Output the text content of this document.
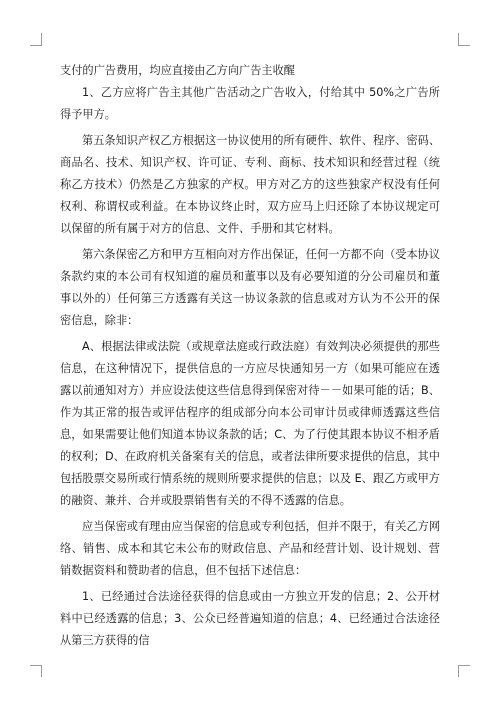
支付的广告费用，均应直接由乙方向广告主收醒

1、乙方应将广告主其他广告活动之广告收入，付给其中 50%之广告所得予甲方。

第五条知识产权乙方根据这一协议使用的所有硬件、软件、程序、密码、商品名、技术、知识产权、许可证、专利、商标、技术知识和经营过程（统称乙方技术）仍然是乙方独家的产权。甲方对乙方的这些独家产权没有任何权利、称谓权或利益。在本协议终止时，双方应马上归还除了本协议规定可以保留的所有属于对方的信息、文件、手册和其它材料。

第六条保密乙方和甲方互相向对方作出保证，任何一方都不向（受本协议条款约束的本公司有权知道的雇员和董事以及有必要知道的分公司雇员和董事以外的）任何第三方透露有关这一协议条款的信息或对方认为不公开的保密信息，除非：

A、根据法律或法院（或规章法庭或行政法庭）有效判决必须提供的那些信息，在这种情况下，提供信息的一方应尽快通知另一方（如果可能应在透露以前通知对方）并应设法使这些信息得到保密对待－－如果可能的话；B、作为其正常的报告或评估程序的组成部分向本公司审计员或律师透露这些信息，如果需要让他们知道本协议条款的话；C、为了行使其跟本协议不相矛盾的权利；D、在政府机关备案有关的信息，或者法律所要求提供的信息，其中包括股票交易所或行情系统的规则所要求提供的信息；以及 E、跟乙方或甲方的融资、兼并、合并或股票销售有关的不得不透露的信息。

应当保密或有理由应当保密的信息或专利包括，但并不限于，有关乙方网络、销售、成本和其它未公布的财政信息、产品和经营计划、设计规划、营销数据资料和赞助者的信息，但不包括下述信息：

1、已经通过合法途径获得的信息或由一方独立开发的信息；2、公开材料中已经透露的信息；3、公众已经普遍知道的信息；4、已经通过合法途径从第三方获得的信
